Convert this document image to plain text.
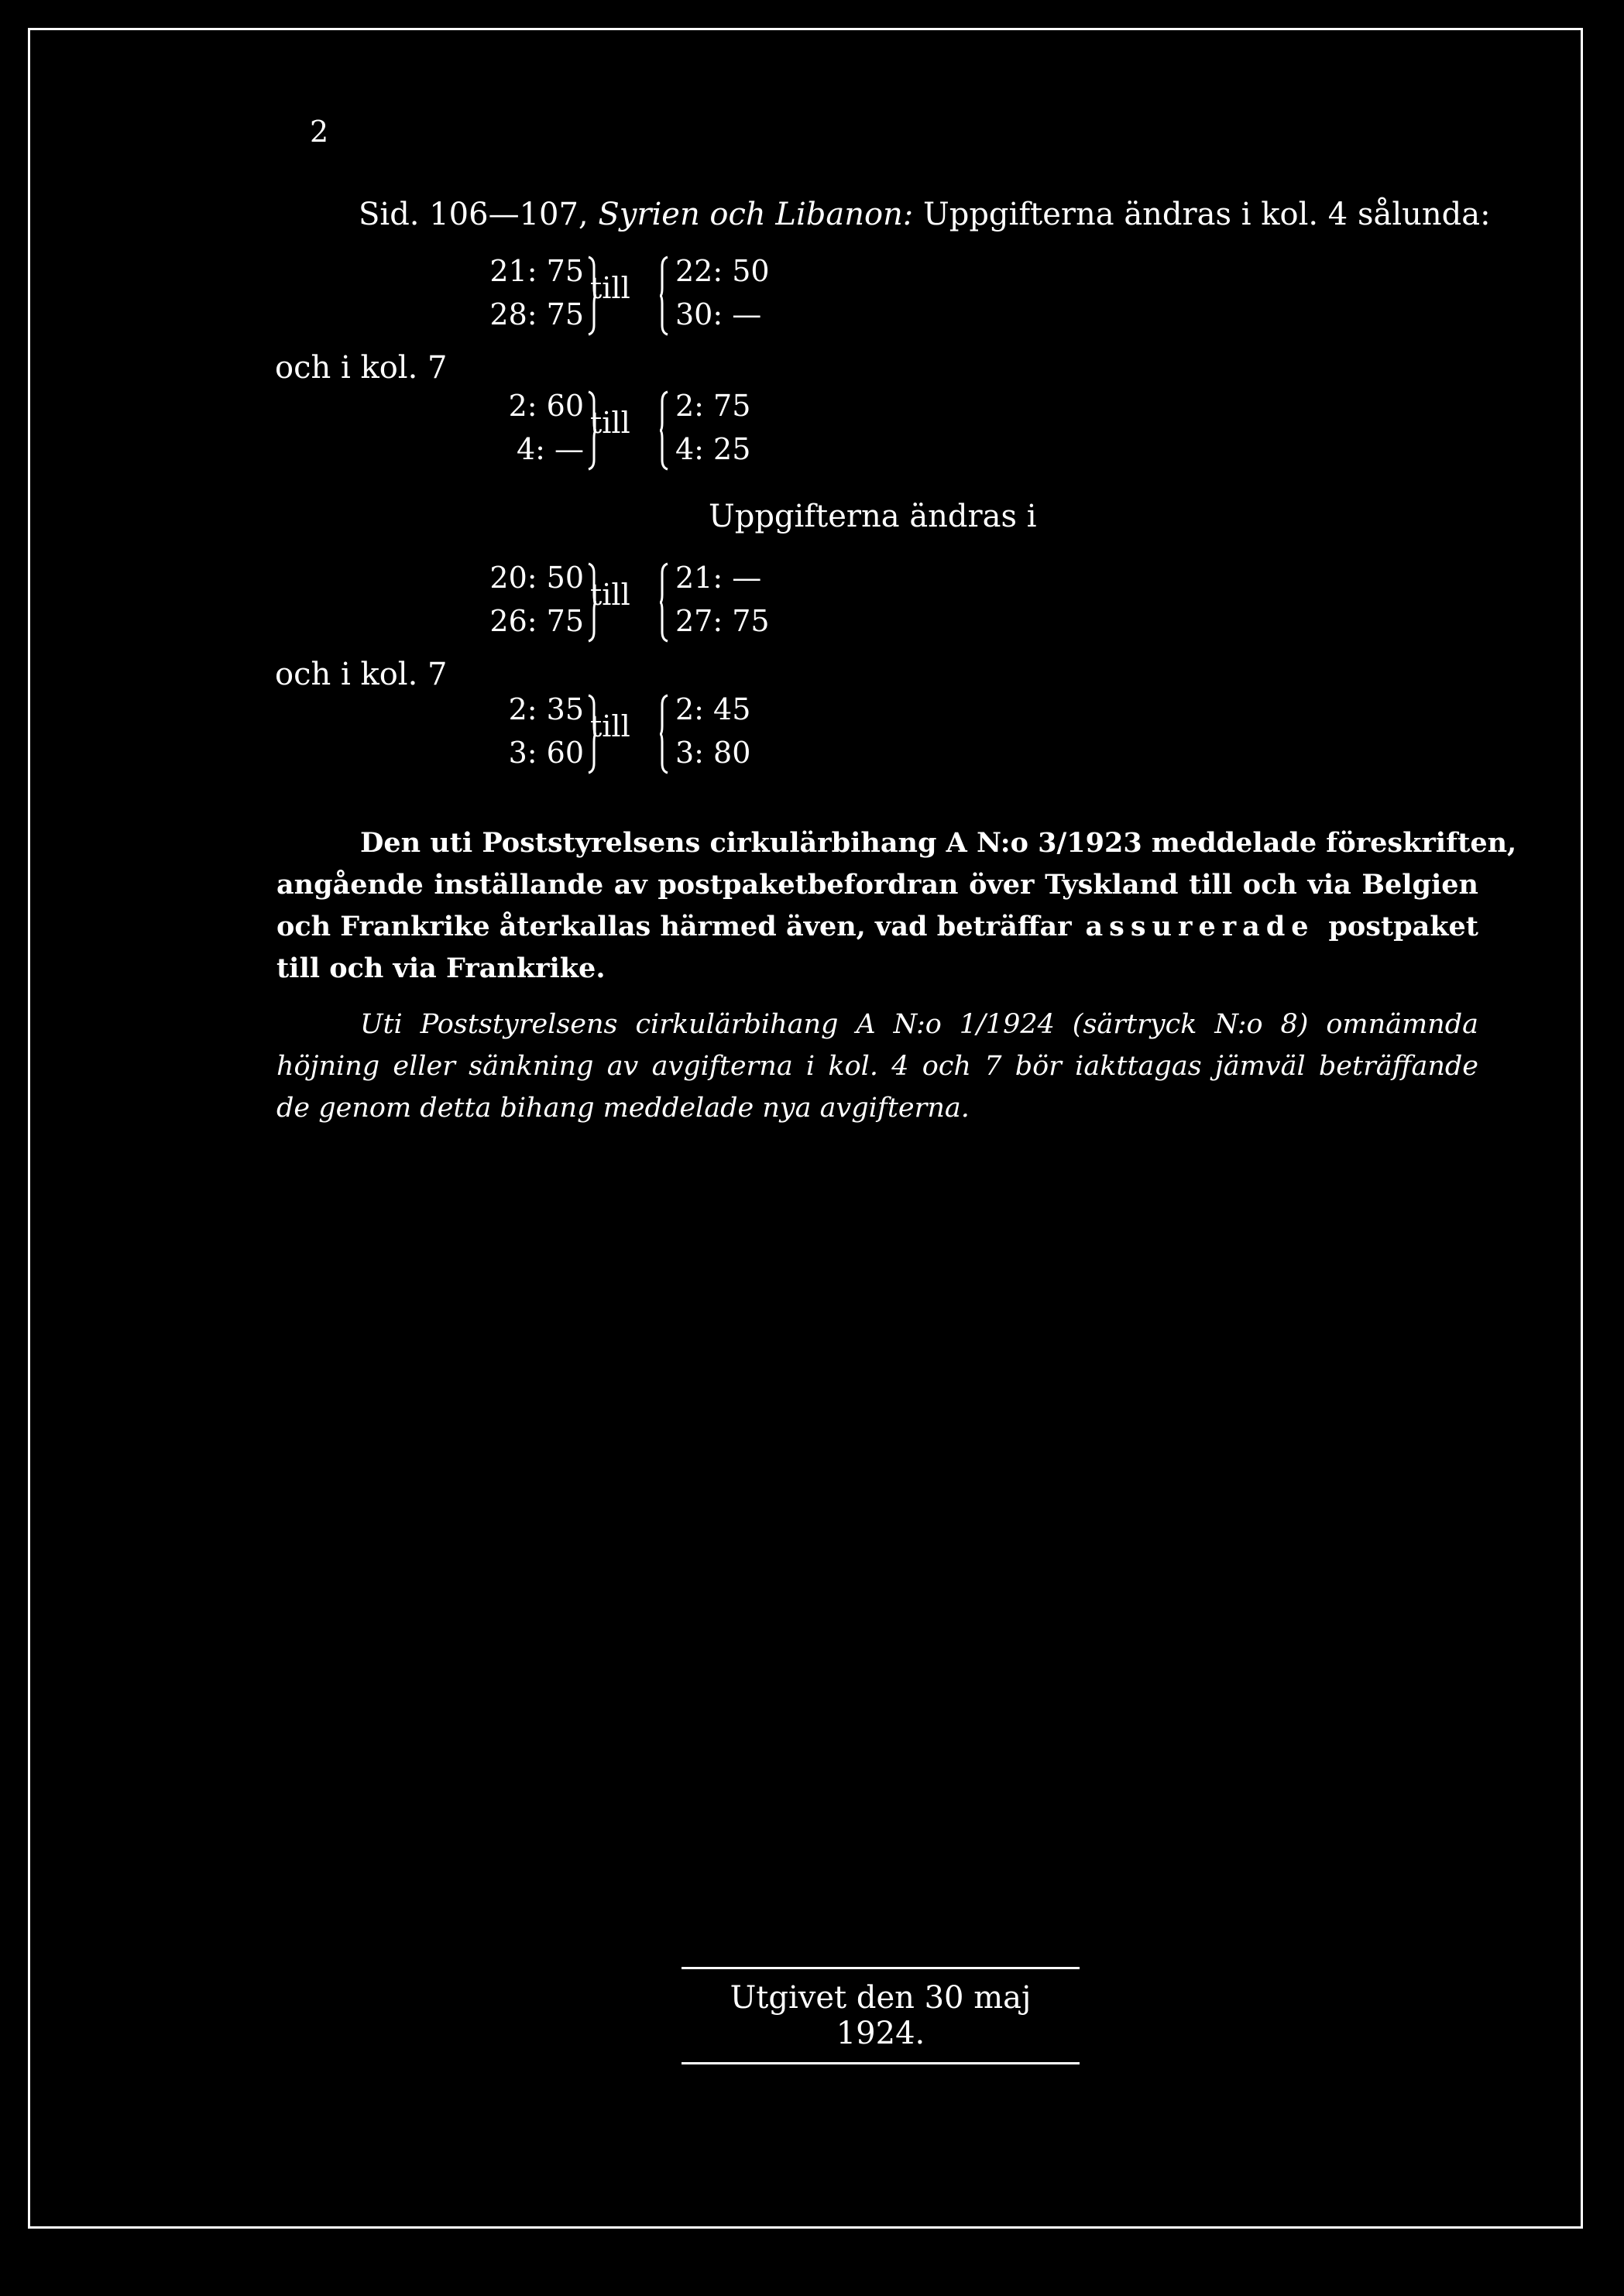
2
Sid. 106—107, Syrien och Libanon: Uppgifterna ändras i kol. 4 sålunda:
21: 75
28: 75
till 22: 50
30: —
och i kol. 7
2: 60
4: —
till 2: 75
4: 25
Uppgifterna ändras i
20: 50
26: 75
till 21: —
27: 75
och i kol. 7
2: 35
3: 60
till 2: 45
3: 80
Den uti Poststyrelsens cirkulärbihang A N:o 3/1923 meddelade föreskriften,
angående inställande av postpaketbefordran över Tyskland till och via Belgien
och Frankrike återkallas härmed även, vad beträffar assurerade postpaket
till och via Frankrike.
Uti Poststyrelsens cirkulärbihang A N:o 1/1924 (särtryck N:o 8) omnämnda
höjning eller sänkning av avgifterna i kol. 4 och 7 bör iakttagas jämväl beträffande
de genom detta bihang meddelade nya avgifterna.
Utgivet den 30 maj 1924.
